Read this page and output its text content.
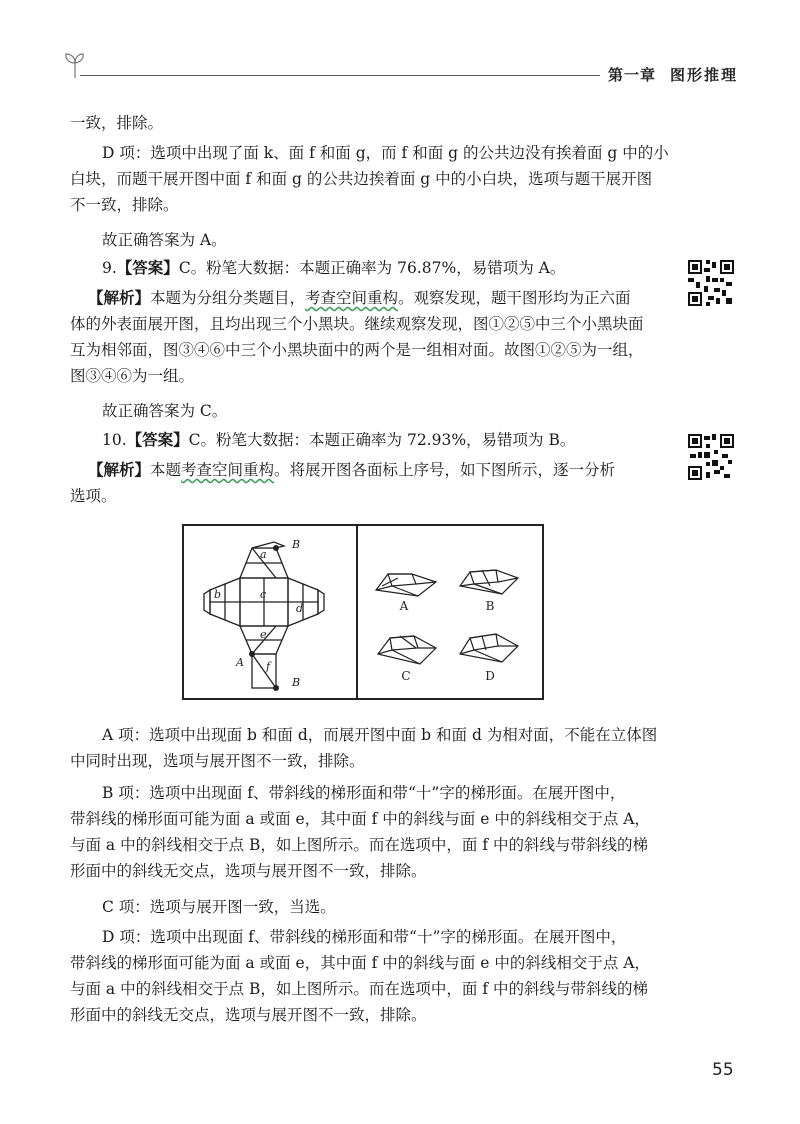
第一章 图形推理

一致，排除。

D 项：选项中出现了面 k、面 f 和面 g，而 f 和面 g 的公共边没有挨着面 g 中的小
白块，而题干展开图中面 f 和面 g 的公共边挨着面 g 中的小白块，选项与题干展开图
不一致，排除。

故正确答案为 A。

9.【答案】C。粉笔大数据：本题正确率为 76.87%，易错项为 A。

【解析】本题为分组分类题目，考查空间重构。观察发现，题干图形均为正六面
体的外表面展开图，且均出现三个小黑块。继续观察发现，图①②⑤中三个小黑块面
互为相邻面，图③④⑥中三个小黑块面中的两个是一组相对面。故图①②⑤为一组，
图③④⑥为一组。

故正确答案为 C。

10.【答案】C。粉笔大数据：本题正确率为 72.93%，易错项为 B。

【解析】本题考查空间重构。将展开图各面标上序号，如下图所示，逐一分析
选项。

a
b	c
d
e
f
A
B
B
A	B
C	D

A 项：选项中出现面 b 和面 d，而展开图中面 b 和面 d 为相对面，不能在立体图
中同时出现，选项与展开图不一致，排除。

B 项：选项中出现面 f、带斜线的梯形面和带“十”字的梯形面。在展开图中，
带斜线的梯形面可能为面 a 或面 e，其中面 f 中的斜线与面 e 中的斜线相交于点 A，
与面 a 中的斜线相交于点 B，如上图所示。而在选项中，面 f 中的斜线与带斜线的梯
形面中的斜线无交点，选项与展开图不一致，排除。

C 项：选项与展开图一致，当选。

D 项：选项中出现面 f、带斜线的梯形面和带“十”字的梯形面。在展开图中，
带斜线的梯形面可能为面 a 或面 e，其中面 f 中的斜线与面 e 中的斜线相交于点 A，
与面 a 中的斜线相交于点 B，如上图所示。而在选项中，面 f 中的斜线与带斜线的梯
形面中的斜线无交点，选项与展开图不一致，排除。

55
